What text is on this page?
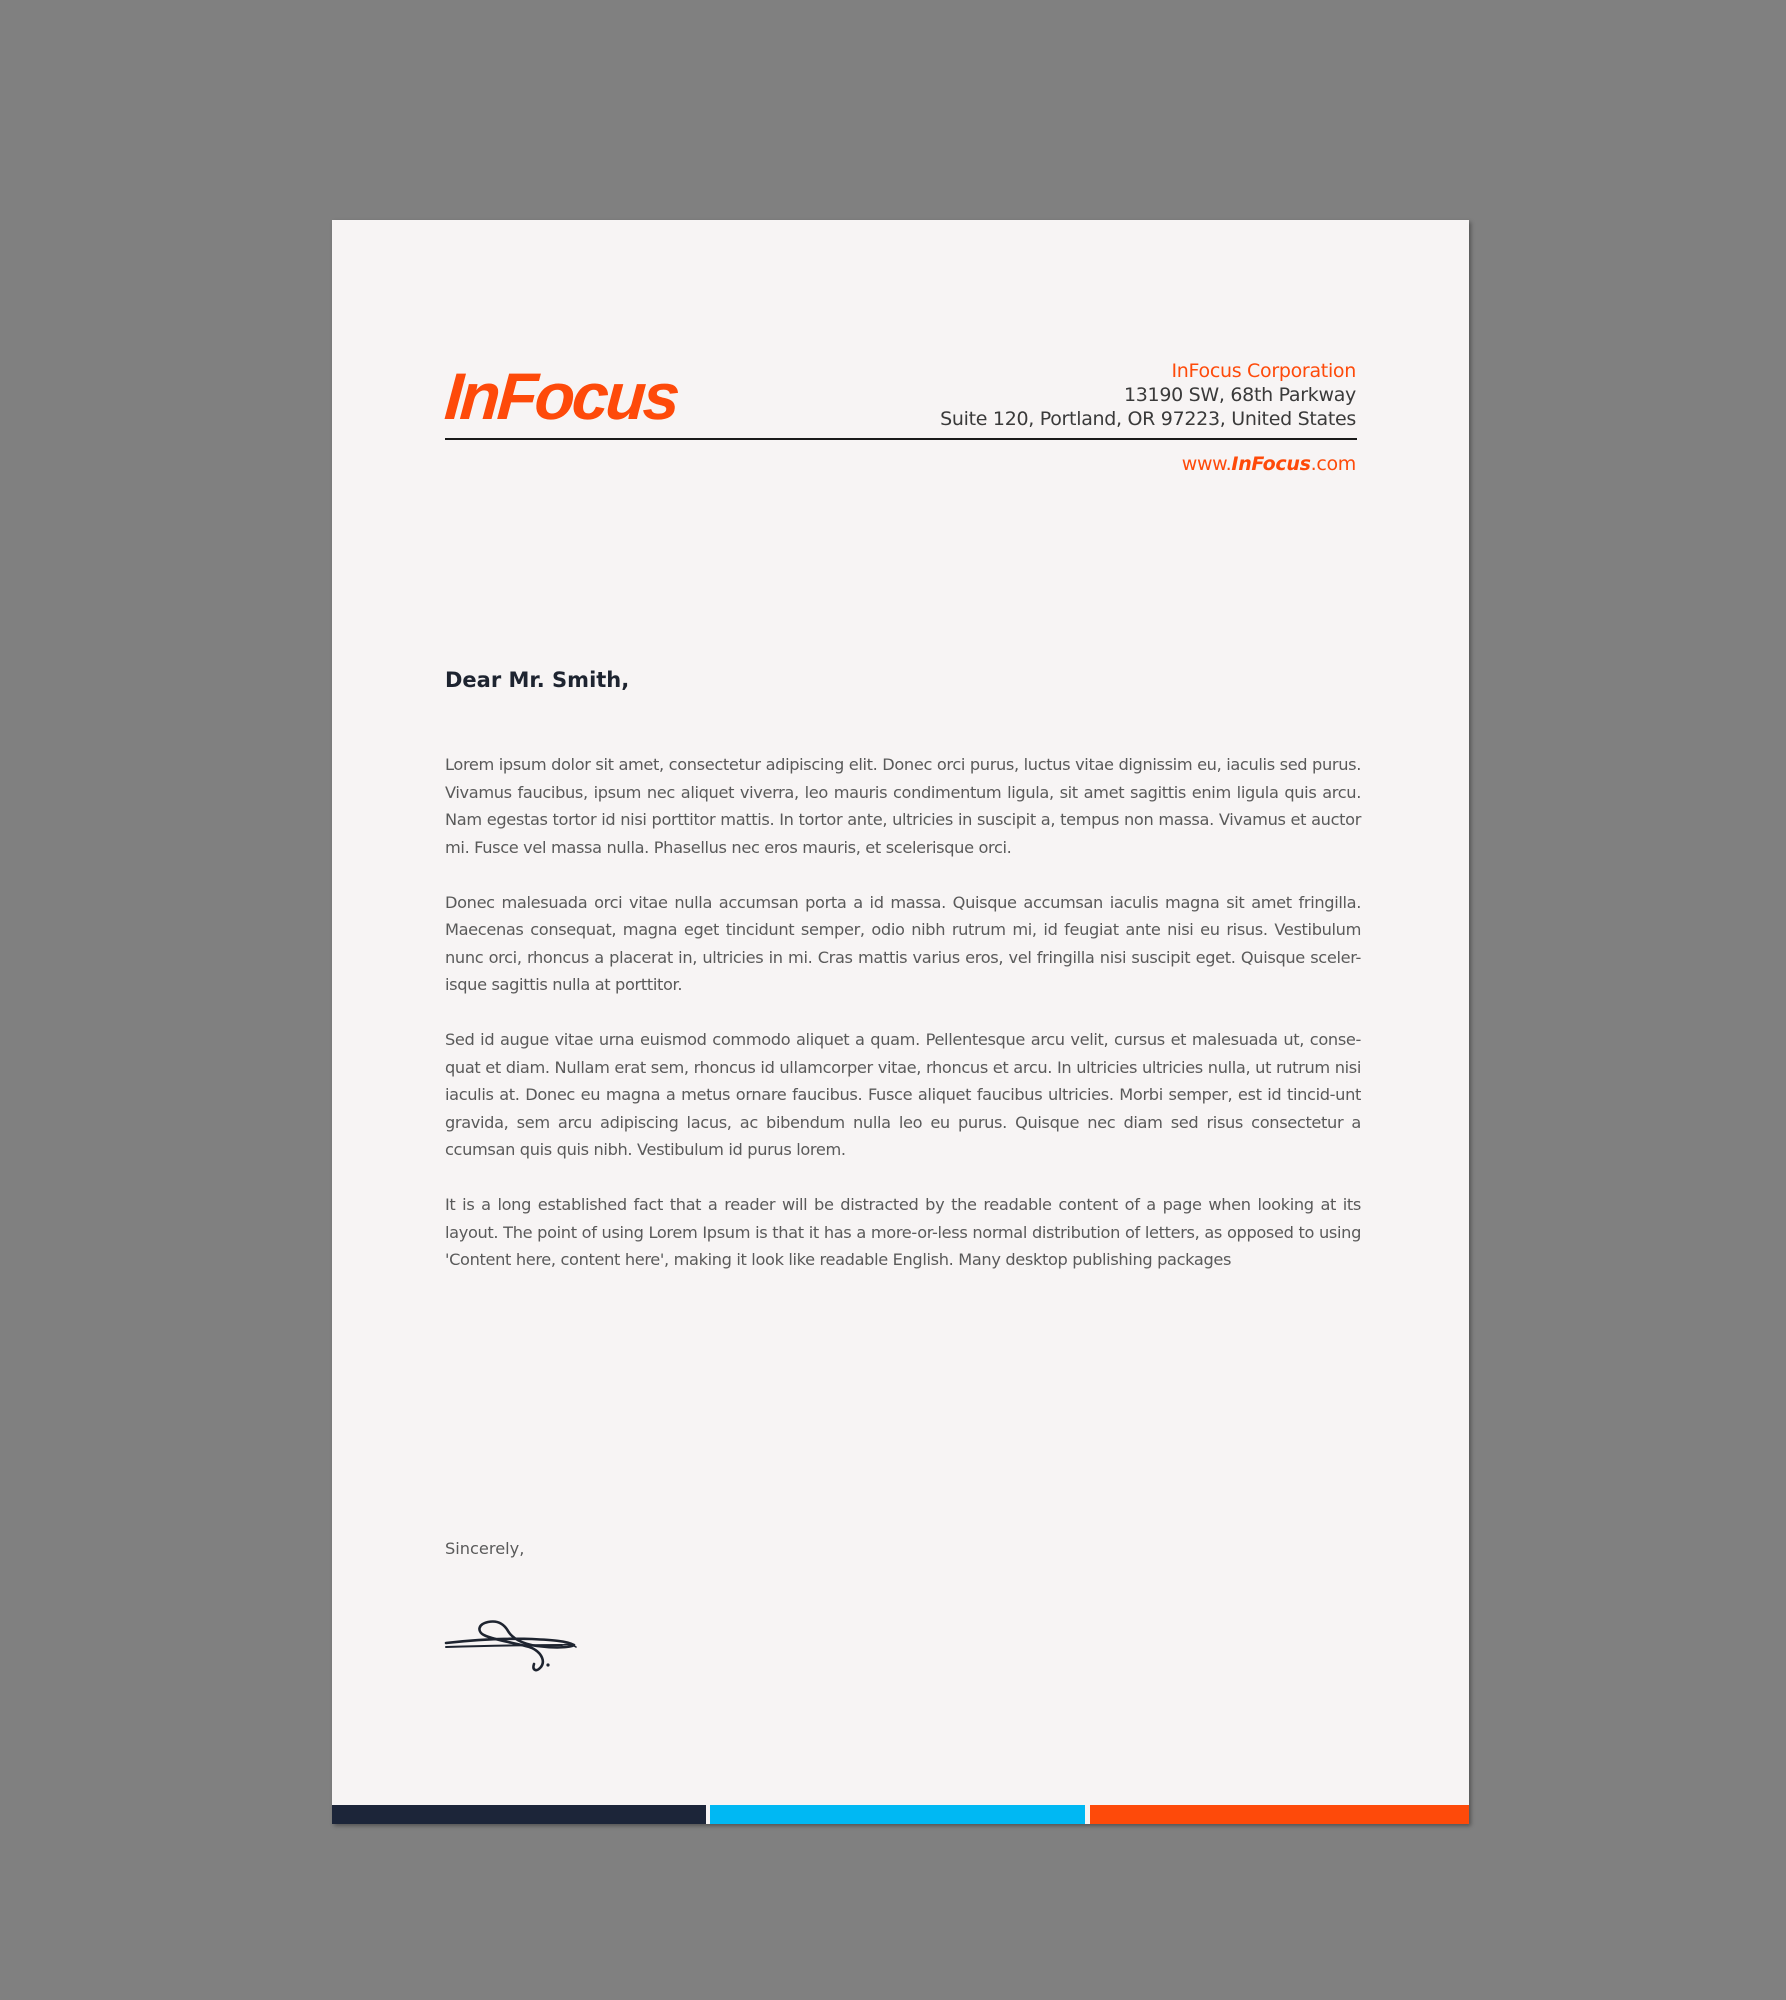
InFocus	InFocus Corporation
13190 SW, 68th Parkway
Suite 120, Portland, OR 97223, United States
www.InFocus.com
Dear Mr. Smith,

Lorem ipsum dolor sit amet, consectetur adipiscing elit. Donec orci purus, luctus vitae dignissim eu, iaculis sed purus. Vivamus faucibus, ipsum nec aliquet viverra, leo mauris condimentum ligula, sit amet sagittis enim ligula quis arcu. Nam egestas tortor id nisi porttitor mattis. In tortor ante, ultricies in suscipit a, tempus non massa. Vivamus et auctor mi. Fusce vel massa nulla. Phasellus nec eros mauris, et scelerisque orci.

Donec malesuada orci vitae nulla accumsan porta a id massa. Quisque accumsan iaculis magna sit amet fringilla. Maecenas consequat, magna eget tincidunt semper, odio nibh rutrum mi, id feugiat ante nisi eu risus. Vestibulum nunc orci, rhoncus a placerat in, ultricies in mi. Cras mattis varius eros, vel fringilla nisi suscipit eget. Quisque sceler-isque sagittis nulla at porttitor.

Sed id augue vitae urna euismod commodo aliquet a quam. Pellentesque arcu velit, cursus et malesuada ut, conse-quat et diam. Nullam erat sem, rhoncus id ullamcorper vitae, rhoncus et arcu. In ultricies ultricies nulla, ut rutrum nisi iaculis at. Donec eu magna a metus ornare faucibus. Fusce aliquet faucibus ultricies. Morbi semper, est id tincid-unt gravida, sem arcu adipiscing lacus, ac bibendum nulla leo eu purus. Quisque nec diam sed risus consectetur a ccumsan quis quis nibh. Vestibulum id purus lorem.

It is a long established fact that a reader will be distracted by the readable content of a page when looking at its layout. The point of using Lorem Ipsum is that it has a more-or-less normal distribution of letters, as opposed to using 'Content here, content here', making it look like readable English. Many desktop publishing packages

Sincerely,
